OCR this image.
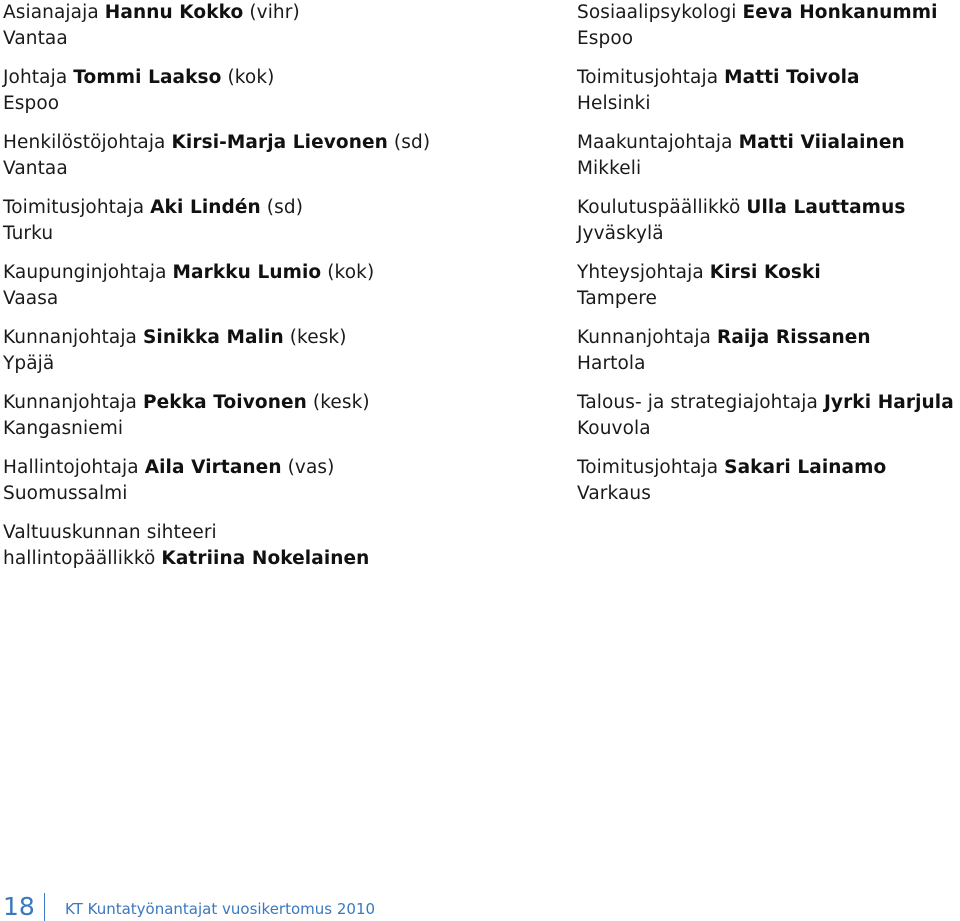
Asianajaja Hannu Kokko (vihr)
Vantaa
Johtaja Tommi Laakso (kok)
Espoo
Henkilöstöjohtaja Kirsi-Marja Lievonen (sd)
Vantaa
Toimitusjohtaja Aki Lindén (sd)
Turku
Kaupunginjohtaja Markku Lumio (kok)
Vaasa
Kunnanjohtaja Sinikka Malin (kesk)
Ypäjä
Kunnanjohtaja Pekka Toivonen (kesk)
Kangasniemi
Hallintojohtaja Aila Virtanen (vas)
Suomussalmi
Valtuuskunnan sihteeri
hallintopäällikkö Katriina Nokelainen
Sosiaalipsykologi Eeva Honkanummi
Espoo
Toimitusjohtaja Matti Toivola
Helsinki
Maakuntajohtaja Matti Viialainen
Mikkeli
Koulutuspäällikkö Ulla Lauttamus
Jyväskylä
Yhteysjohtaja Kirsi Koski
Tampere
Kunnanjohtaja Raija Rissanen
Hartola
Talous- ja strategiajohtaja Jyrki Harjula
Kouvola
Toimitusjohtaja Sakari Lainamo
Varkaus
18 KT Kuntatyönantajat vuosikertomus 2010
